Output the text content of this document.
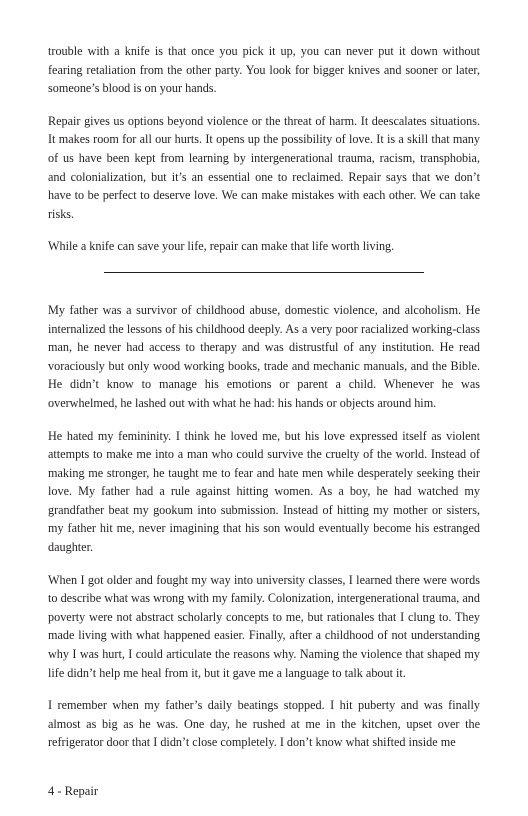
trouble with a knife is that once you pick it up, you can never put it down without fearing retaliation from the other party. You look for bigger knives and sooner or later, someone’s blood is on your hands.

Repair gives us options beyond violence or the threat of harm. It deescalates situations. It makes room for all our hurts. It opens up the possibility of love. It is a skill that many of us have been kept from learning by intergenerational trauma, racism, transphobia, and colonialization, but it’s an essential one to reclaimed. Repair says that we don’t have to be perfect to deserve love. We can make mistakes with each other. We can take risks.

While a knife can save your life, repair can make that life worth living.

My father was a survivor of childhood abuse, domestic violence, and alcoholism. He internalized the lessons of his childhood deeply. As a very poor racialized working-class man, he never had access to therapy and was distrustful of any institution. He read voraciously but only wood working books, trade and mechanic manuals, and the Bible. He didn’t know to manage his emotions or parent a child. Whenever he was overwhelmed, he lashed out with what he had: his hands or objects around him.

He hated my femininity. I think he loved me, but his love expressed itself as violent attempts to make me into a man who could survive the cruelty of the world. Instead of making me stronger, he taught me to fear and hate men while desperately seeking their love. My father had a rule against hitting women. As a boy, he had watched my grandfather beat my gookum into submission. Instead of hitting my mother or sisters, my father hit me, never imagining that his son would eventually become his estranged daughter.

When I got older and fought my way into university classes, I learned there were words to describe what was wrong with my family. Colonization, intergenerational trauma, and poverty were not abstract scholarly concepts to me, but rationales that I clung to. They made living with what happened easier. Finally, after a childhood of not understanding why I was hurt, I could articulate the reasons why. Naming the violence that shaped my life didn’t help me heal from it, but it gave me a language to talk about it.

I remember when my father’s daily beatings stopped. I hit puberty and was finally almost as big as he was. One day, he rushed at me in the kitchen, upset over the refrigerator door that I didn’t close completely. I don’t know what shifted inside me

4 - Repair
